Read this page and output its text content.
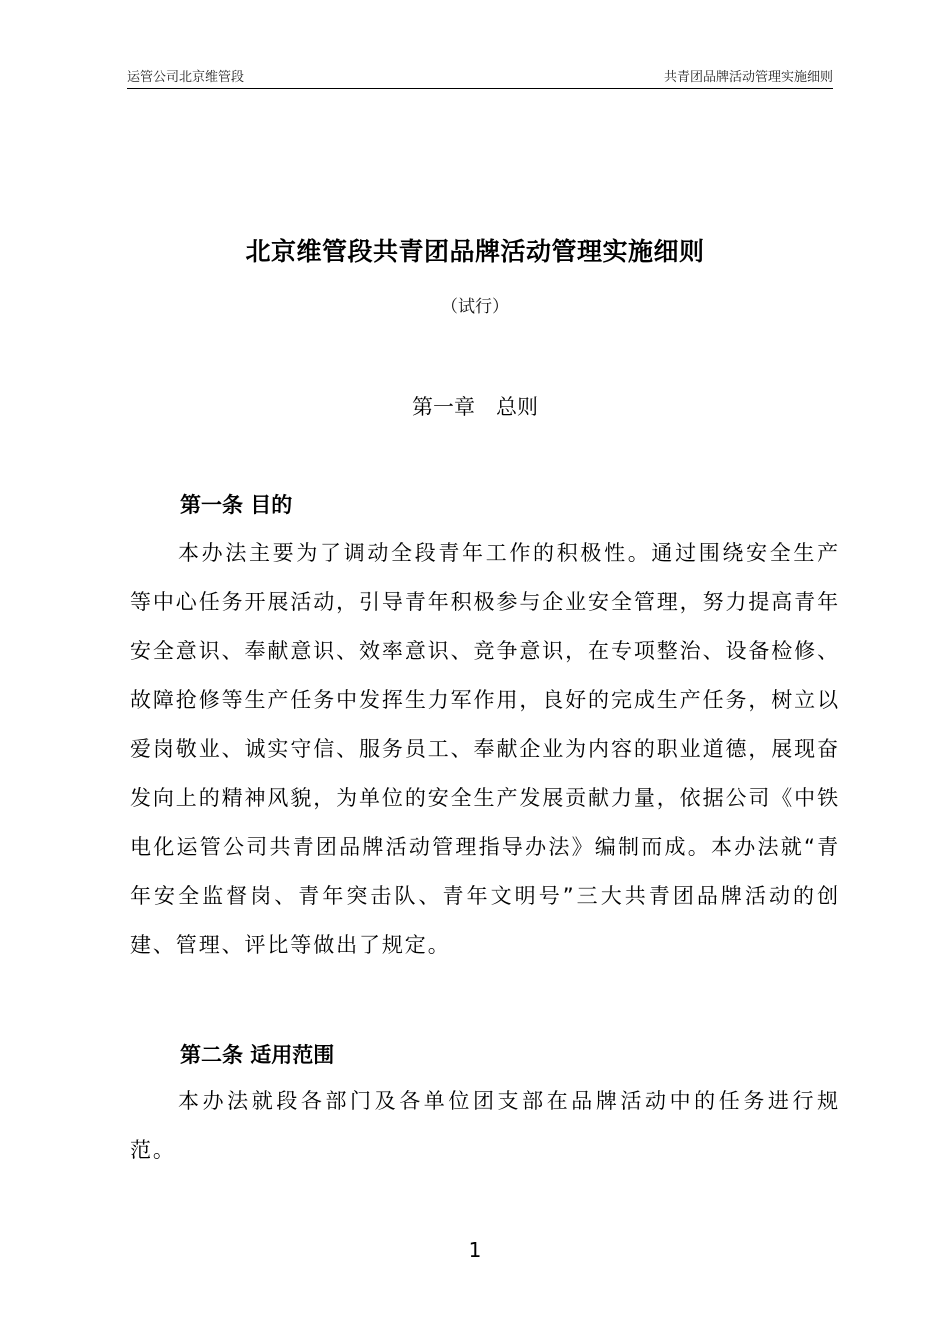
运管公司北京维管段	共青团品牌活动管理实施细则
北京维管段共青团品牌活动管理实施细则
（试行）
第一章　总则
第一条 目的
本办法主要为了调动全段青年工作的积极性。通过围绕安全生产等中心任务开展活动，引导青年积极参与企业安全管理，努力提高青年安全意识、奉献意识、效率意识、竞争意识，在专项整治、设备检修、故障抢修等生产任务中发挥生力军作用，良好的完成生产任务，树立以爱岗敬业、诚实守信、服务员工、奉献企业为内容的职业道德，展现奋发向上的精神风貌，为单位的安全生产发展贡献力量，依据公司《中铁电化运管公司共青团品牌活动管理指导办法》编制而成。本办法就“青年安全监督岗、青年突击队、青年文明号”三大共青团品牌活动的创建、管理、评比等做出了规定。
第二条 适用范围
本办法就段各部门及各单位团支部在品牌活动中的任务进行规范。
1
